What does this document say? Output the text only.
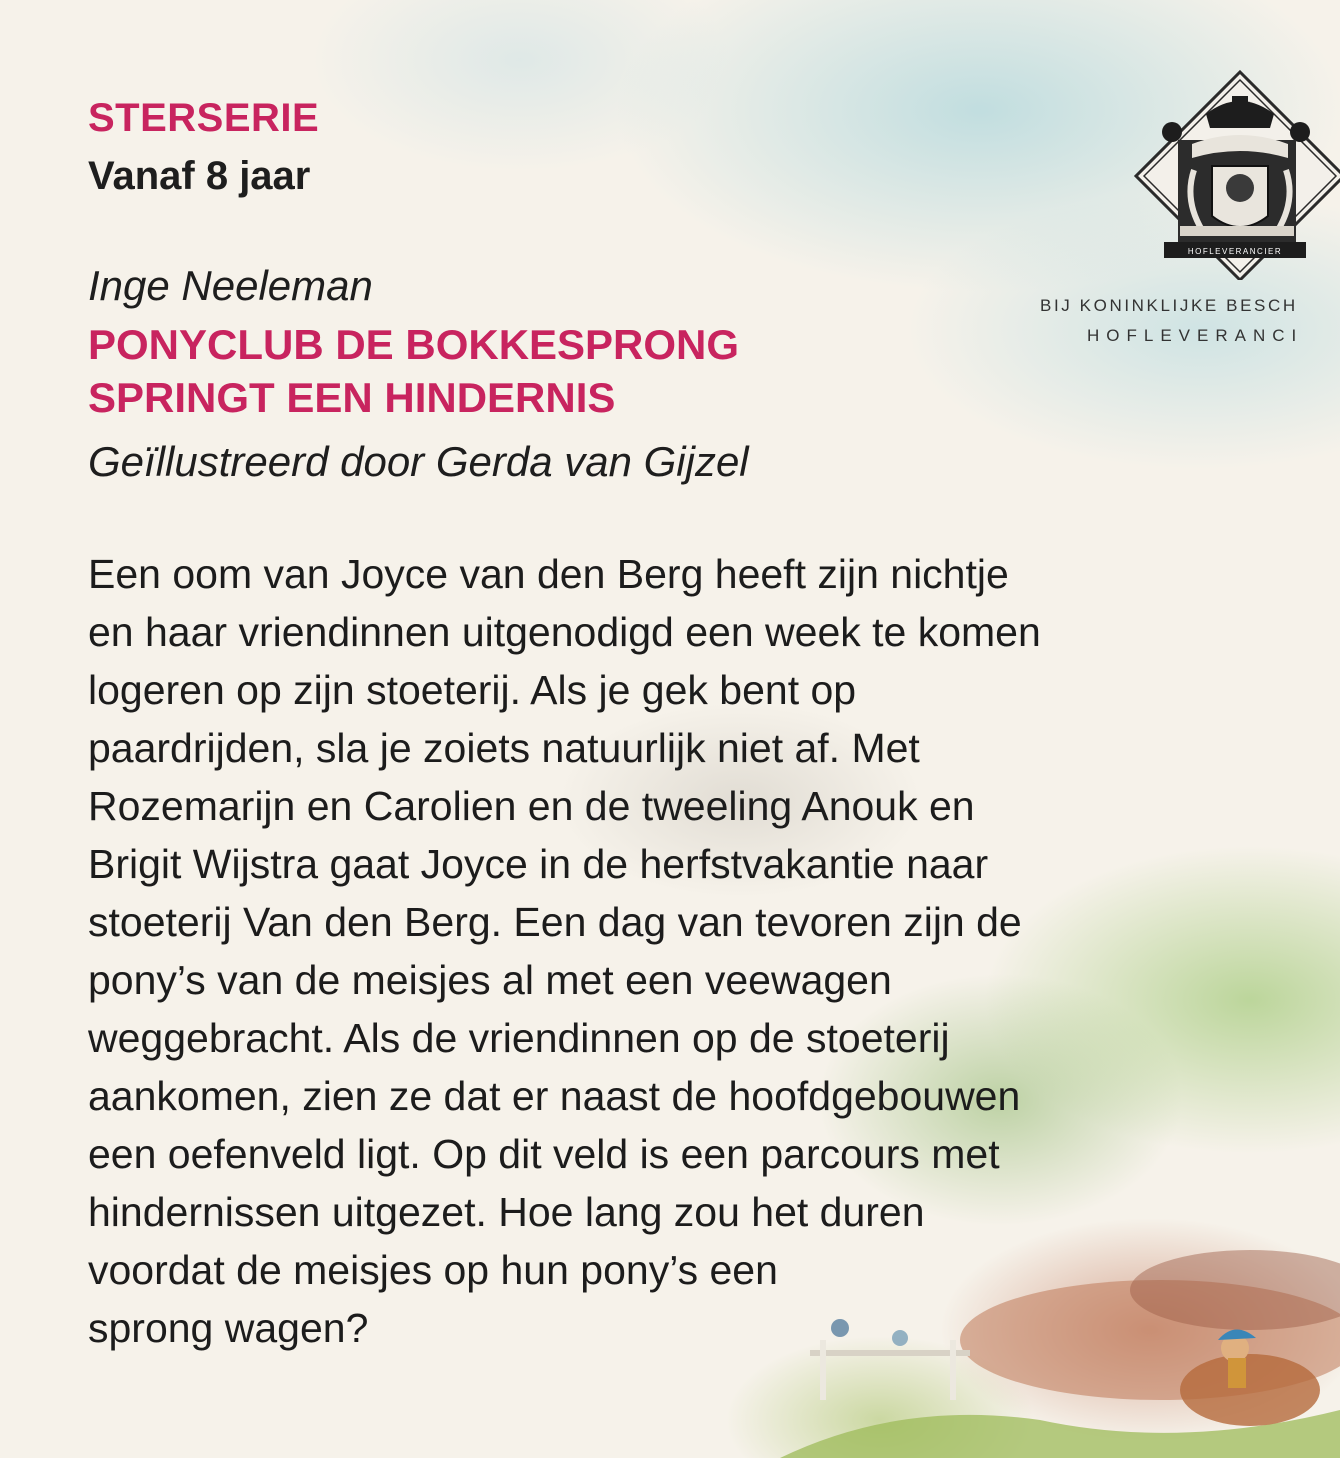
STERSERIE

Vanaf 8 jaar

Inge Neeleman

PONYCLUB DE BOKKESPRONG
SPRINGT EEN HINDERNIS

Geïllustreerd door Gerda van Gijzel

Een oom van Joyce van den Berg heeft zijn nichtje
en haar vriendinnen uitgenodigd een week te komen
logeren op zijn stoeterij. Als je gek bent op
paardrijden, sla je zoiets natuurlijk niet af. Met
Rozemarijn en Carolien en de tweeling Anouk en
Brigit Wijstra gaat Joyce in de herfstvakantie naar
stoeterij Van den Berg. Een dag van tevoren zijn de
pony’s van de meisjes al met een veewagen
weggebracht. Als de vriendinnen op de stoeterij
aankomen, zien ze dat er naast de hoofdgebouwen
een oefenveld ligt. Op dit veld is een parcours met
hindernissen uitgezet. Hoe lang zou het duren
voordat de meisjes op hun pony’s een
sprong wagen?
HOFLEVERANCIER
BIJ KONINKLIJKE BESCH
HOFLEVERANCI
